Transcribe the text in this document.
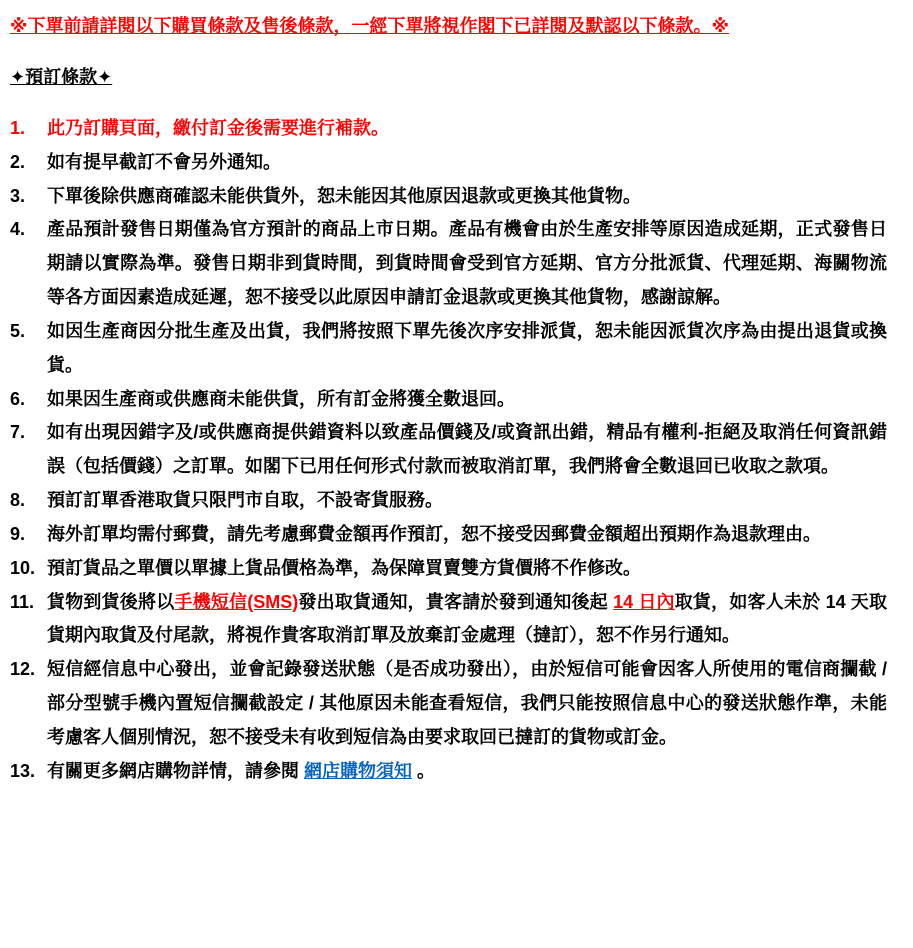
※下單前請詳閱以下購買條款及售後條款，一經下單將視作閣下已詳閱及默認以下條款。※
✦預訂條款✦
1.	此乃訂購頁面，繳付訂金後需要進行補款。
2.	如有提早截訂不會另外通知。
3.	下單後除供應商確認未能供貨外，恕未能因其他原因退款或更換其他貨物。
4.	產品預計發售日期僅為官方預計的商品上市日期。產品有機會由於生產安排等原因造成延期，正式發售日期請以實際為準。發售日期非到貨時間，到貨時間會受到官方延期、官方分批派貨、代理延期、海關物流等各方面因素造成延遲，恕不接受以此原因申請訂金退款或更換其他貨物，感謝諒解。
5.	如因生產商因分批生產及出貨，我們將按照下單先後次序安排派貨，恕未能因派貨次序為由提出退貨或換貨。
6.	如果因生產商或供應商未能供貨，所有訂金將獲全數退回。
7.	如有出現因錯字及/或供應商提供錯資料以致產品價錢及/或資訊出錯，精品有權利-拒絕及取消任何資訊錯誤（包括價錢）之訂單。如閣下已用任何形式付款而被取消訂單，我們將會全數退回已收取之款項。
8.	預訂訂單香港取貨只限門市自取，不設寄貨服務。
9.	海外訂單均需付郵費，請先考慮郵費金額再作預訂，恕不接受因郵費金額超出預期作為退款理由。
10. 預訂貨品之單價以單據上貨品價格為準，為保障買賣雙方貨價將不作修改。
11. 貨物到貨後將以手機短信(SMS)發出取貨通知，貴客請於發到通知後起 14 日內取貨，如客人未於 14 天取貨期內取貨及付尾款，將視作貴客取消訂單及放棄訂金處理（撻訂），恕不作另行通知。
12. 短信經信息中心發出，並會記錄發送狀態（是否成功發出），由於短信可能會因客人所使用的電信商攔截 / 部分型號手機內置短信攔截設定 / 其他原因未能查看短信，我們只能按照信息中心的發送狀態作準，未能考慮客人個別情況，恕不接受未有收到短信為由要求取回已撻訂的貨物或訂金。
13. 有關更多網店購物詳情，請參閱 網店購物須知 。
